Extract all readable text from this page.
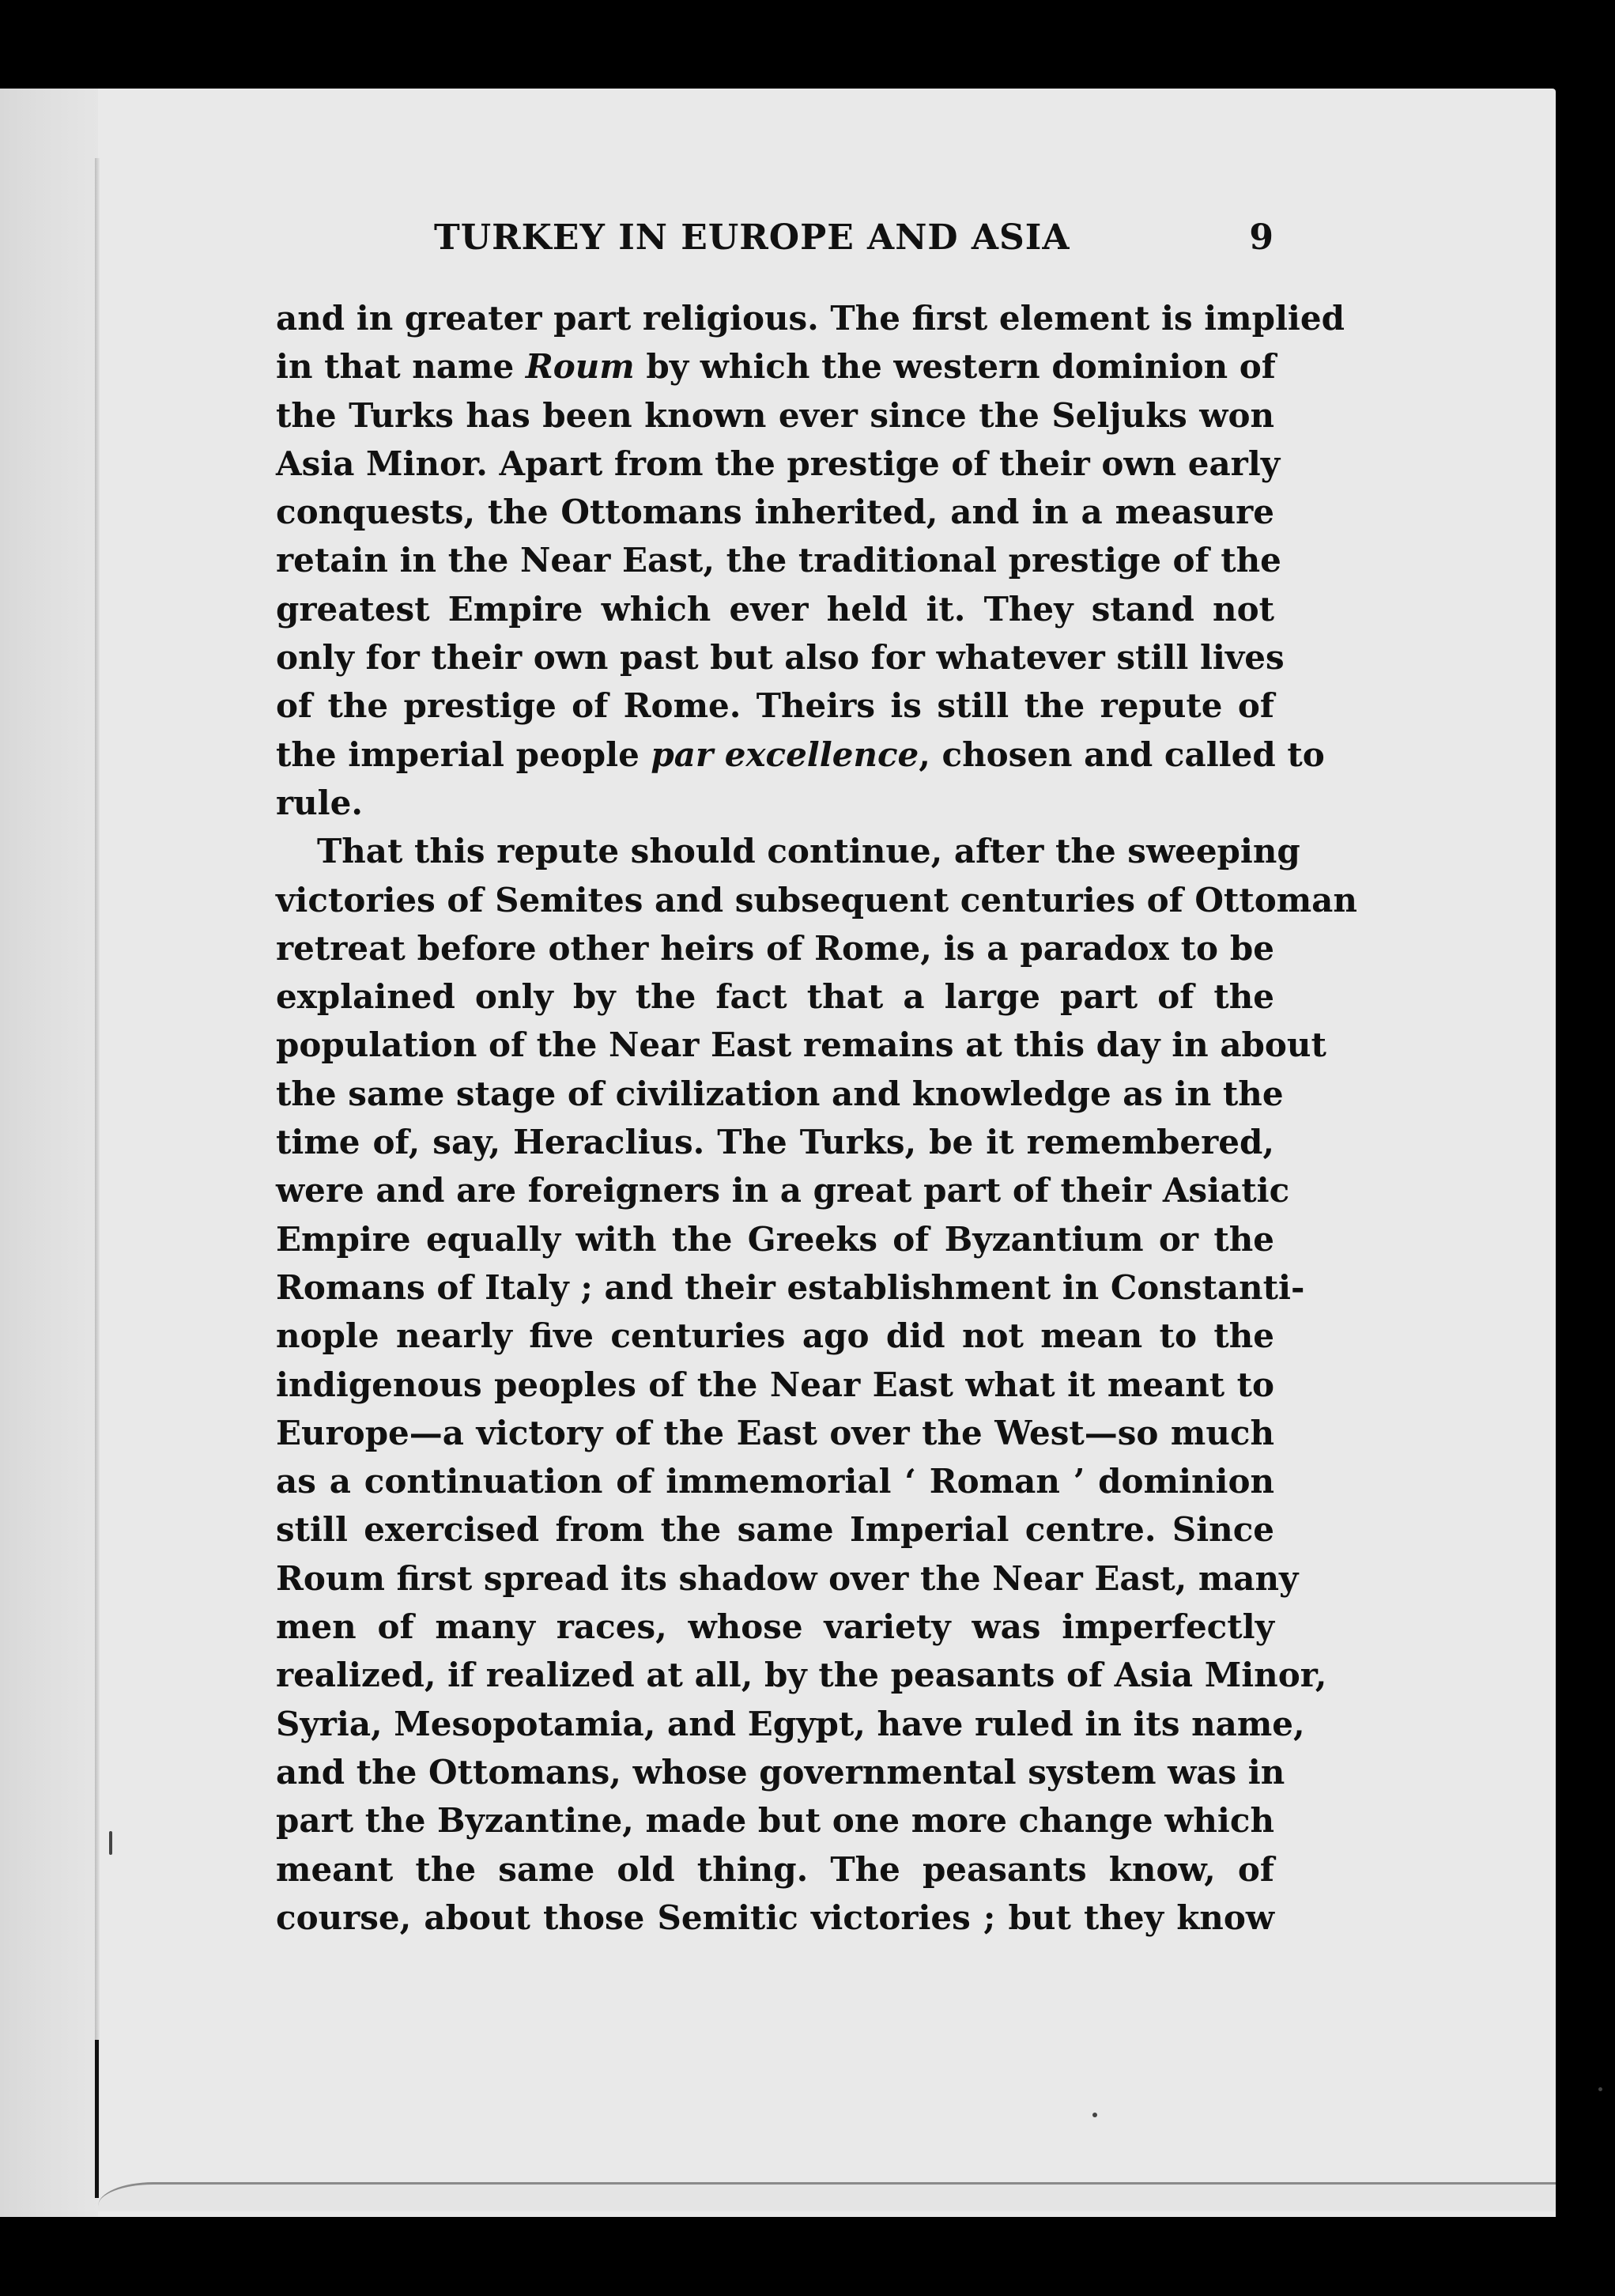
TURKEY IN EUROPE AND ASIA	9
and in greater part religious. The first element is implied
in that name Roum by which the western dominion of
the Turks has been known ever since the Seljuks won
Asia Minor. Apart from the prestige of their own early
conquests, the Ottomans inherited, and in a measure
retain in the Near East, the traditional prestige of the
greatest Empire which ever held it. They stand not
only for their own past but also for whatever still lives
of the prestige of Rome. Theirs is still the repute of
the imperial people par excellence, chosen and called to
rule.
That this repute should continue, after the sweeping
victories of Semites and subsequent centuries of Ottoman
retreat before other heirs of Rome, is a paradox to be
explained only by the fact that a large part of the
population of the Near East remains at this day in about
the same stage of civilization and knowledge as in the
time of, say, Heraclius. The Turks, be it remembered,
were and are foreigners in a great part of their Asiatic
Empire equally with the Greeks of Byzantium or the
Romans of Italy ; and their establishment in Constanti-
nople nearly five centuries ago did not mean to the
indigenous peoples of the Near East what it meant to
Europe—a victory of the East over the West—so much
as a continuation of immemorial ‘ Roman ’ dominion
still exercised from the same Imperial centre. Since
Roum first spread its shadow over the Near East, many
men of many races, whose variety was imperfectly
realized, if realized at all, by the peasants of Asia Minor,
Syria, Mesopotamia, and Egypt, have ruled in its name,
and the Ottomans, whose governmental system was in
part the Byzantine, made but one more change which
meant the same old thing. The peasants know, of
course, about those Semitic victories ; but they know
